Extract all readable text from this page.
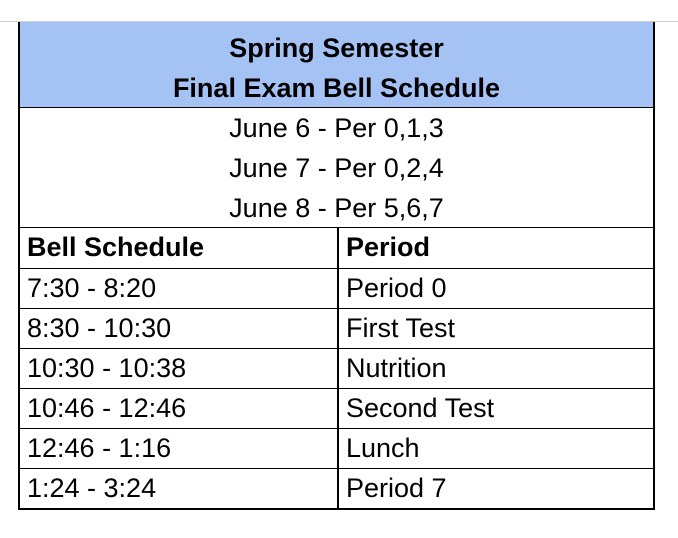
Spring Semester
Final Exam Bell Schedule
June 6 - Per 0,1,3
June 7 - Per 0,2,4
June 8 - Per 5,6,7
Bell Schedule	Period
7:30 - 8:20	Period 0
8:30 - 10:30	First Test
10:30 - 10:38	Nutrition
10:46 - 12:46	Second Test
12:46 - 1:16	Lunch
1:24 - 3:24	Period 7
